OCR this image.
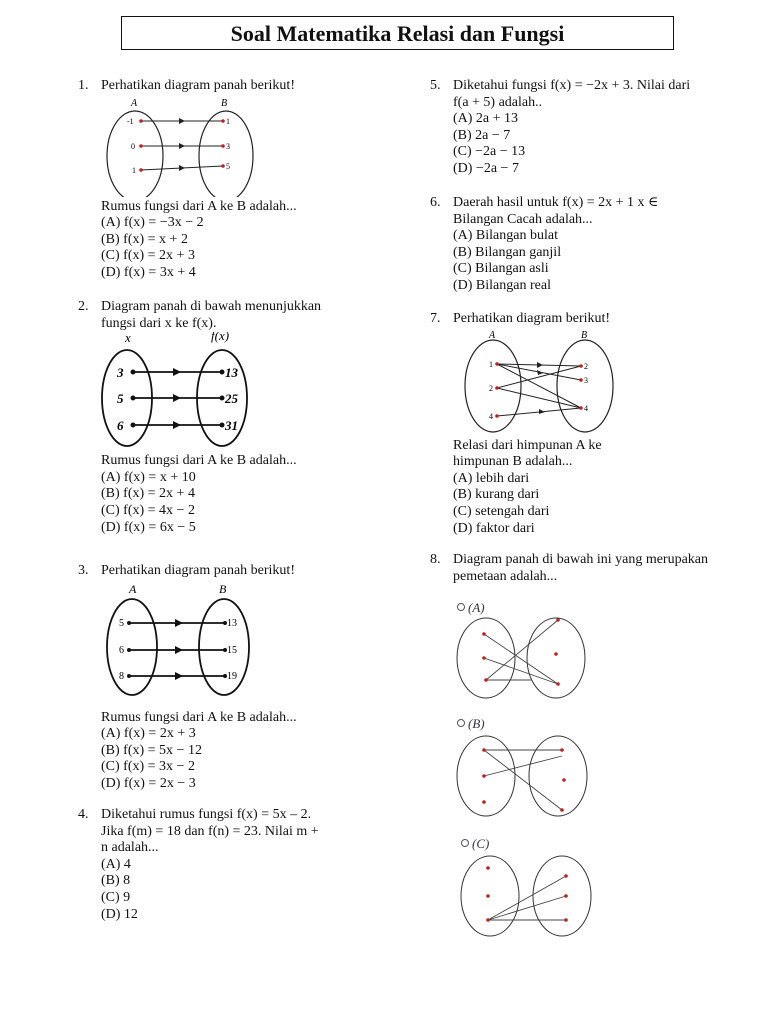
Soal Matematika Relasi dan Fungsi
1. Perhatikan diagram panah berikut!
A	B
-1
0
1
1
3
5
Rumus fungsi dari A ke B adalah...
(A) f(x) = −3x − 2
(B) f(x) = x + 2
(C) f(x) = 2x + 3
(D) f(x) = 3x + 4
2. Diagram panah di bawah menunjukkan
fungsi dari x ke f(x).
x	f(x)
3
5
6
13
25
31
Rumus fungsi dari A ke B adalah...
(A) f(x) = x + 10
(B) f(x) = 2x + 4
(C) f(x) = 4x − 2
(D) f(x) = 6x − 5
3. Perhatikan diagram panah berikut!
A	B
5
6
8
13
15
19
Rumus fungsi dari A ke B adalah...
(A) f(x) = 2x + 3
(B) f(x) = 5x − 12
(C) f(x) = 3x − 2
(D) f(x) = 2x − 3
4. Diketahui rumus fungsi f(x) = 5x – 2.
Jika f(m) = 18 dan f(n) = 23. Nilai m +
n adalah...
(A) 4
(B) 8
(C) 9
(D) 12
5. Diketahui fungsi f(x) = −2x + 3. Nilai dari
f(a + 5) adalah..
(A) 2a + 13
(B) 2a − 7
(C) −2a − 13
(D) −2a − 7
6. Daerah hasil untuk f(x) = 2x + 1 x ∈
Bilangan Cacah adalah...
(A) Bilangan bulat
(B) Bilangan ganjil
(C) Bilangan asli
(D) Bilangan real
7. Perhatikan diagram berikut!
A	B
1
2
4
2
3
4
Relasi dari himpunan A ke
himpunan B adalah...
(A) lebih dari
(B) kurang dari
(C) setengah dari
(D) faktor dari
8. Diagram panah di bawah ini yang merupakan
pemetaan adalah...
(A)
(B)
(C)
